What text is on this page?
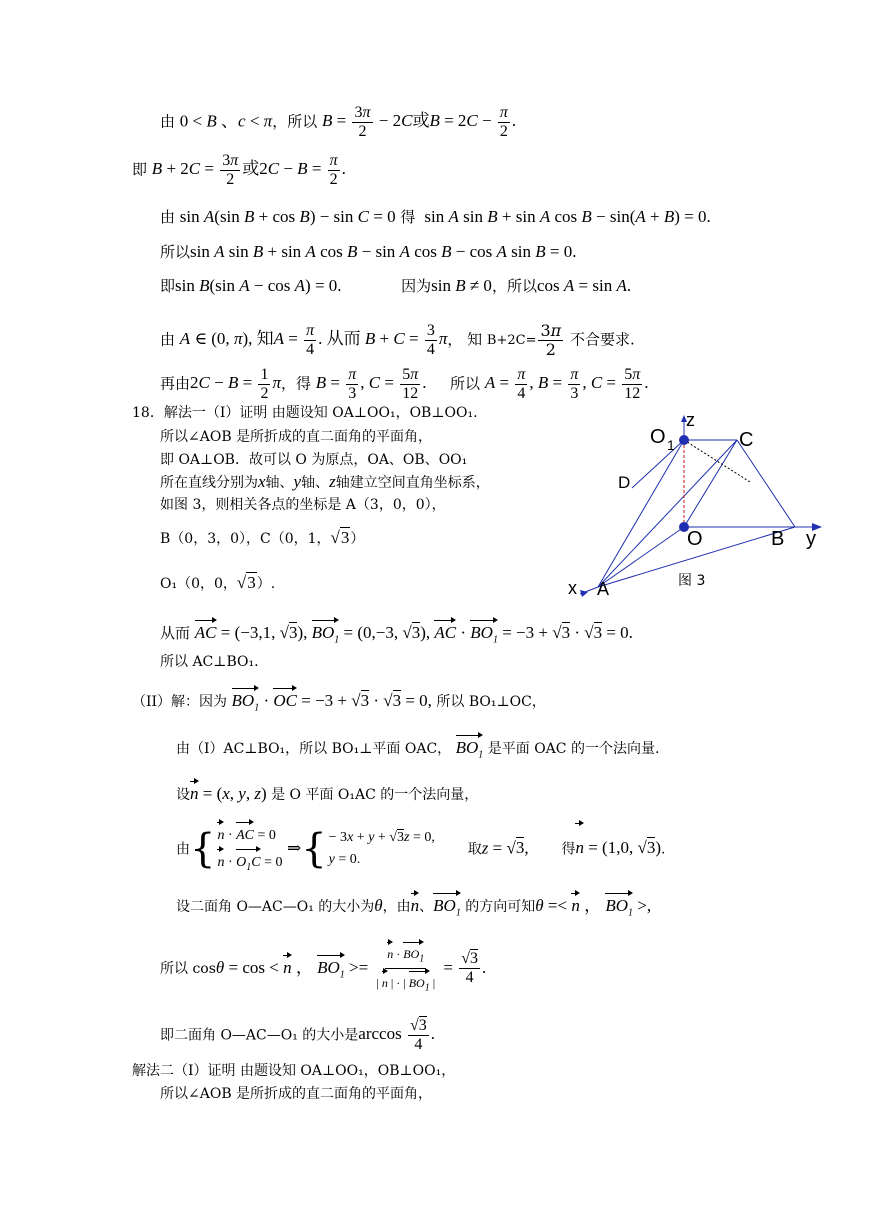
由 0 < B 、c < π，所以 $B = \frac{3\pi}{2} - 2C$或$B = 2C - \frac{\pi}{2}$ .
即 $B + 2C = \frac{3\pi}{2}$ 或$2C - B = \frac{\pi}{2}$ .
由 sin A(sin B + cos B) − sin C = 0 得  sin A sin B + sin A cos B − sin(A + B) = 0.
所以sin A sin B + sin A cos B − sin A cos B − cos A sin B = 0.
即sin B(sin A − cos A) = 0.	因为sin B ≠ 0，所以cos A = sin A.
由 A ∈ (0, π), 知$A = \frac{\pi}{4}$ . 从而 $B + C = \frac{3}{4}$ π， 知 $B+2C= \frac{3\pi}{2}$ 不合要求.
再由$2C - B = \frac{1}{2}$ π，得 $B = \frac{\pi}{3}$ , $C = \frac{5\pi}{12}$ . 所以 $A = \frac{\pi}{4}$ , $B = \frac{\pi}{3}$ , $C = \frac{5\pi}{12}$ .
18．解法一（I）证明 由题设知 OA⊥OO₁，OB⊥OO₁.
所以∠AOB 是所折成的直二面角的平面角，
即 OA⊥OB．故可以 O 为原点，OA、OB、OO₁
所在直线分别为x轴、y轴、z轴建立空间直角坐标系，
如图 3，则相关各点的坐标是 A（3，0，0），
B（0，3，0），C（0，1，√3）
O₁（0，0，√3）.
从而 AC = (−3,1, √3), $BO_1 = (0,-3$, √3), AC · $BO_1 = -3 + √3 \cdot √3 = 0$.
所以 AC⊥BO₁.
（II）解：因为 $BO_1$ · OC = −3 + √3 · √3 = 0, 所以 BO₁⊥OC，
由（I）AC⊥BO₁，所以 BO₁⊥平面 OAC， $BO_1$ 是平面 OAC 的一个法向量.
设n = (x, y, z) 是 O 平面 O₁AC 的一个法向量，
由{ n · AC = 0
$n \cdot O_1C = 0$
⇒{ − 3x + y + √3z = 0,
y = 0.
取z = √3, 得n = (1,0, √3).
设二面角 O—AC—O₁ 的大小为θ，由n、$BO_1$ 的方向可知θ =< n ， $BO_1$ >,
所以 cosθ = cos < n ， $BO_1 >= \frac{n \cdot BO_1}{| n | \cdot | BO_1 |} = \frac{√3}{4}$ .
即二面角 O—AC—O₁ 的大小是$\arccos \frac{√3}{4}$ .
解法二（I）证明 由题设知 OA⊥OO₁，OB⊥OO₁，
所以∠AOB 是所折成的直二面角的平面角，
O 1	C
D
O	B
A
x
y
z
图 3
